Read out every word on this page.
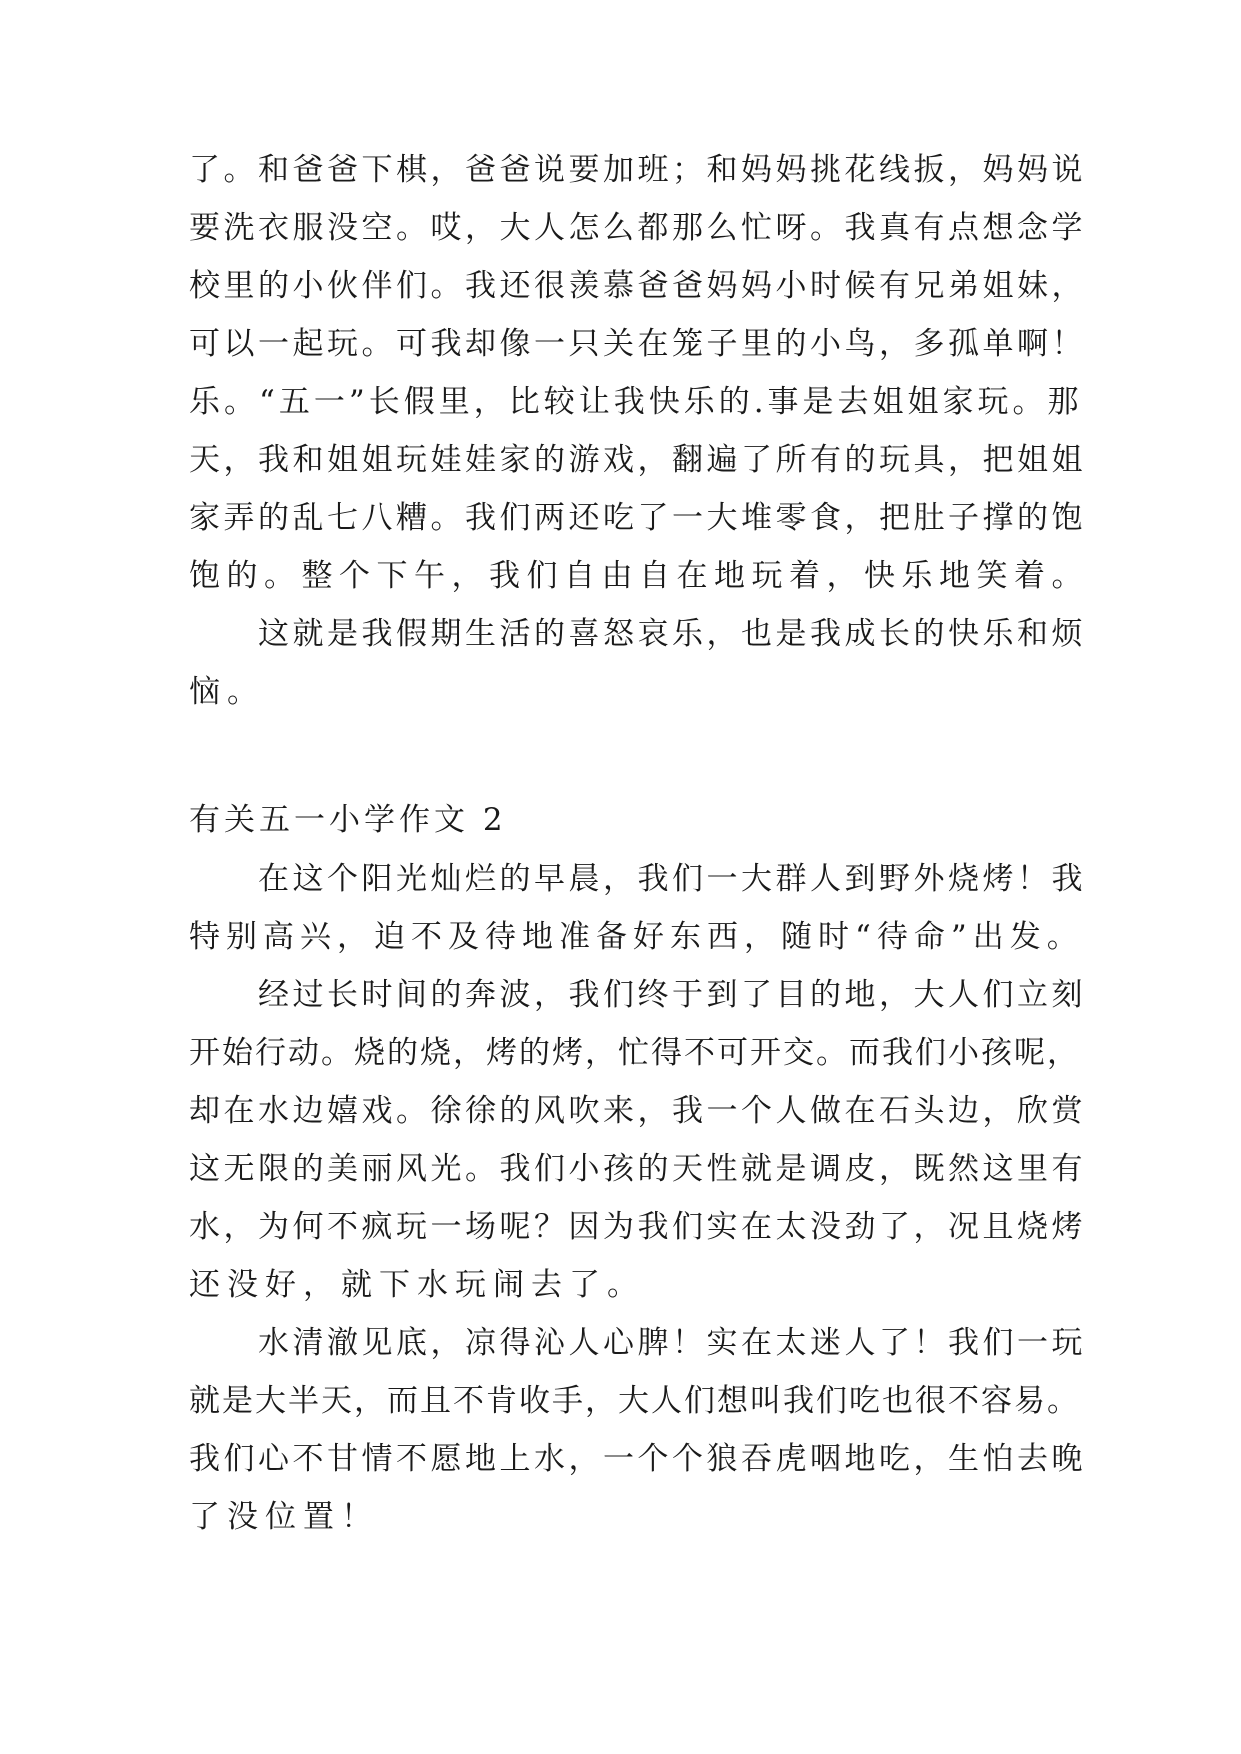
了。和爸爸下棋，爸爸说要加班；和妈妈挑花线扳，妈妈说
要洗衣服没空。哎，大人怎么都那么忙呀。我真有点想念学
校里的小伙伴们。我还很羡慕爸爸妈妈小时候有兄弟姐妹，
可以一起玩。可我却像一只关在笼子里的小鸟，多孤单啊！
乐。“五一”长假里，比较让我快乐的.事是去姐姐家玩。那
天，我和姐姐玩娃娃家的游戏，翻遍了所有的玩具，把姐姐
家弄的乱七八糟。我们两还吃了一大堆零食，把肚子撑的饱
饱的。整个下午，我们自由自在地玩着，快乐地笑着。
　　这就是我假期生活的喜怒哀乐，也是我成长的快乐和烦
恼。
有关五一小学作文 2
　　在这个阳光灿烂的早晨，我们一大群人到野外烧烤！我
特别高兴，迫不及待地准备好东西，随时“待命”出发。
　　经过长时间的奔波，我们终于到了目的地，大人们立刻
开始行动。烧的烧，烤的烤，忙得不可开交。而我们小孩呢，
却在水边嬉戏。徐徐的风吹来，我一个人做在石头边，欣赏
这无限的美丽风光。我们小孩的天性就是调皮，既然这里有
水，为何不疯玩一场呢？因为我们实在太没劲了，况且烧烤
还没好，就下水玩闹去了。
　　水清澈见底，凉得沁人心脾！实在太迷人了！我们一玩
就是大半天，而且不肯收手，大人们想叫我们吃也很不容易。
我们心不甘情不愿地上水，一个个狼吞虎咽地吃，生怕去晚
了没位置！
